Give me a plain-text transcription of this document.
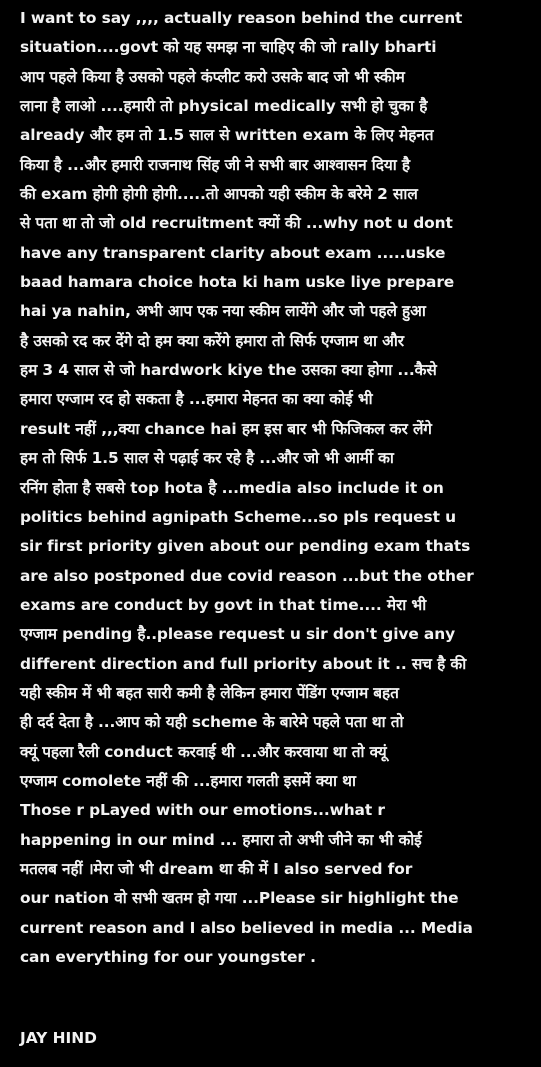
I want to say ,,,, actually reason behind the current
situation....govt को यह समझ ना चाहिए की जो rally bharti
आप पहले किया है उसको पहले कंप्लीट करो उसके बाद जो भी स्कीम
लाना है लाओ ....हमारी तो physical medically सभी हो चुका है
already और हम तो 1.5 साल से written exam के लिए मेहनत
किया है ...और हमारी राजनाथ सिंह जी ने सभी बार आश्वासन दिया है
की exam होगी होगी होगी.....तो आपको यही स्कीम के बरेमे 2 साल
से पता था तो जो old recruitment क्यों की ...why not u dont
have any transparent clarity about exam .....uske
baad hamara choice hota ki ham uske liye prepare
hai ya nahin, अभी आप एक नया स्कीम लायेंगे और जो पहले हुआ
है उसको रद कर देंगे दो हम क्या करेंगे हमारा तो सिर्फ एग्जाम था और
हम 3 4 साल से जो hardwork kiye the उसका क्या होगा ...कैसे
हमारा एग्जाम रद हो सकता है ...हमारा मेहनत का क्या कोई भी
result नहीं ,,,क्या chance hai हम इस बार भी फिजिकल कर लेंगे
हम तो सिर्फ 1.5 साल से पढ़ाई कर रहे है ...और जो भी आर्मी का
रनिंग होता है सबसे top hota है ...media also include it on
politics behind agnipath Scheme...so pls request u
sir first priority given about our pending exam thats
are also postponed due covid reason ...but the other
exams are conduct by govt in that time.... मेरा भी
एग्जाम pending है..please request u sir don't give any
different direction and full priority about it .. सच है की
यही स्कीम में भी बहत सारी कमी है लेकिन हमारा पेंडिंग एग्जाम बहत
ही दर्द देता है ...आप को यही scheme के बारेमे पहले पता था तो
क्यूं पहला रैली conduct करवाई थी ...और करवाया था तो क्यूं
एग्जाम comolete नहीं की ...हमारा गलती इसमें क्या था
Those r pLayed with our emotions...what r
happening in our mind ... हमारा तो अभी जीने का भी कोई
मतलब नहीं ।मेरा जो भी dream था की में I also served for
our nation वो सभी खतम हो गया ...Please sir highlight the
current reason and I also believed in media ... Media
can everything for our youngster .
JAY HIND
